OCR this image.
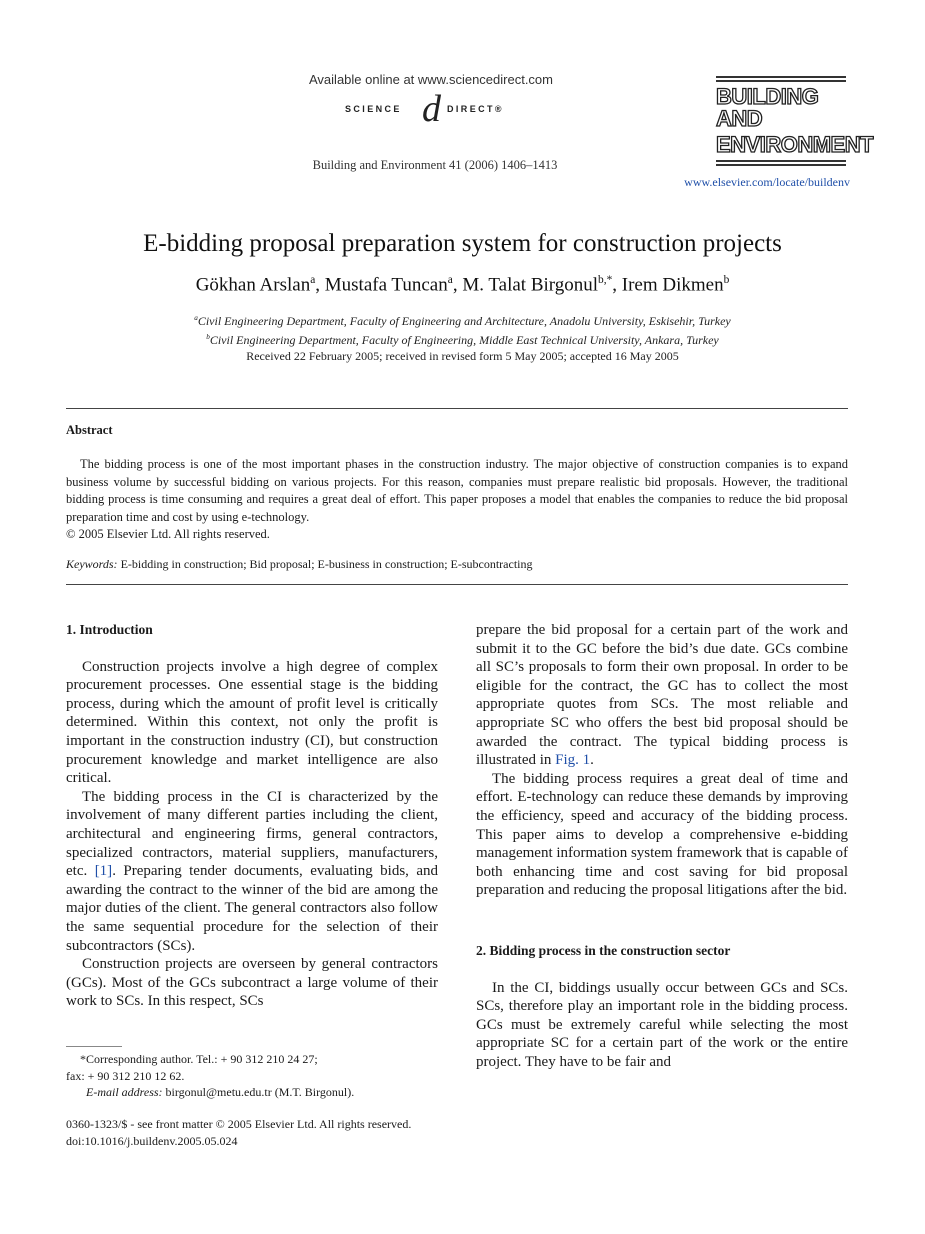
Available online at www.sciencedirect.com
SCIENCE d DIRECT®
Building and Environment 41 (2006) 1406–1413
BUILDING AND
ENVIRONMENT
www.elsevier.com/locate/buildenv
E-bidding proposal preparation system for construction projects
Gökhan Arslan$^a$, Mustafa Tuncan$^a$, M. Talat Birgonul$^{b,*}$, Irem Dikmen$^b$
$^a$Civil Engineering Department, Faculty of Engineering and Architecture, Anadolu University, Eskisehir, Turkey
$^b$Civil Engineering Department, Faculty of Engineering, Middle East Technical University, Ankara, Turkey
Received 22 February 2005; received in revised form 5 May 2005; accepted 16 May 2005
Abstract

The bidding process is one of the most important phases in the construction industry. The major objective of construction companies is to expand business volume by successful bidding on various projects. For this reason, companies must prepare realistic bid proposals. However, the traditional bidding process is time consuming and requires a great deal of effort. This paper proposes a model that enables the companies to reduce the bid proposal preparation time and cost by using e-technology.

© 2005 Elsevier Ltd. All rights reserved.
Keywords: E-bidding in construction; Bid proposal; E-business in construction; E-subcontracting
1. Introduction

Construction projects involve a high degree of complex procurement processes. One essential stage is the bidding process, during which the amount of profit level is critically determined. Within this context, not only the profit is important in the construction industry (CI), but construction procurement knowledge and market intelligence are also critical.

The bidding process in the CI is characterized by the involvement of many different parties including the client, architectural and engineering firms, general contractors, specialized contractors, material suppliers, manufacturers, etc. [1]. Preparing tender documents, evaluating bids, and awarding the contract to the winner of the bid are among the major duties of the client. The general contractors also follow the same sequential procedure for the selection of their subcontractors (SCs).

Construction projects are overseen by general contractors (GCs). Most of the GCs subcontract a large volume of their work to SCs. In this respect, SCs

prepare the bid proposal for a certain part of the work and submit it to the GC before the bid’s due date. GCs combine all SC’s proposals to form their own proposal. In order to be eligible for the contract, the GC has to collect the most appropriate quotes from SCs. The most reliable and appropriate SC who offers the best bid proposal should be awarded the contract. The typical bidding process is illustrated in Fig. 1.

The bidding process requires a great deal of time and effort. E-technology can reduce these demands by improving the efficiency, speed and accuracy of the bidding process. This paper aims to develop a comprehensive e-bidding management information system framework that is capable of both enhancing time and cost saving for bid proposal preparation and reducing the proposal litigations after the bid.

2. Bidding process in the construction sector

In the CI, biddings usually occur between GCs and SCs. SCs, therefore play an important role in the bidding process. GCs must be extremely careful while selecting the most appropriate SC for a certain part of the work or the entire project. They have to be fair and

*Corresponding author. Tel.: + 90 312 210 24 27;
fax: + 90 312 210 12 62.
E-mail address: birgonul@metu.edu.tr (M.T. Birgonul).
0360-1323/$ - see front matter © 2005 Elsevier Ltd. All rights reserved.
doi:10.1016/j.buildenv.2005.05.024
